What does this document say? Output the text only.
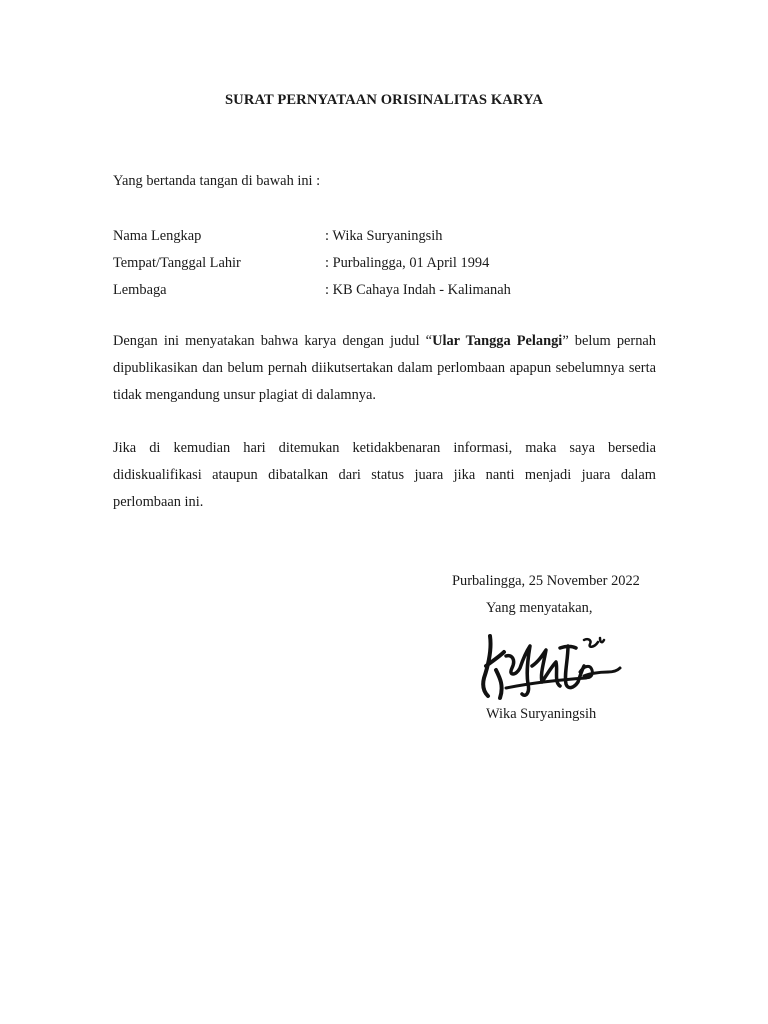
SURAT PERNYATAAN ORISINALITAS KARYA
Yang bertanda tangan di bawah ini :
Nama Lengkap	: Wika Suryaningsih
Tempat/Tanggal Lahir	: Purbalingga, 01 April 1994
Lembaga	: KB Cahaya Indah - Kalimanah

Dengan ini menyatakan bahwa karya dengan judul “Ular Tangga Pelangi” belum pernah dipublikasikan dan belum pernah diikutsertakan dalam perlombaan apapun sebelumnya serta tidak mengandung unsur plagiat di dalamnya.

Jika di kemudian hari ditemukan ketidakbenaran informasi, maka saya bersedia didiskualifikasi ataupun dibatalkan dari status juara jika nanti menjadi juara dalam perlombaan ini.

Purbalingga, 25 November 2022
Yang menyatakan,
Wika Suryaningsih
